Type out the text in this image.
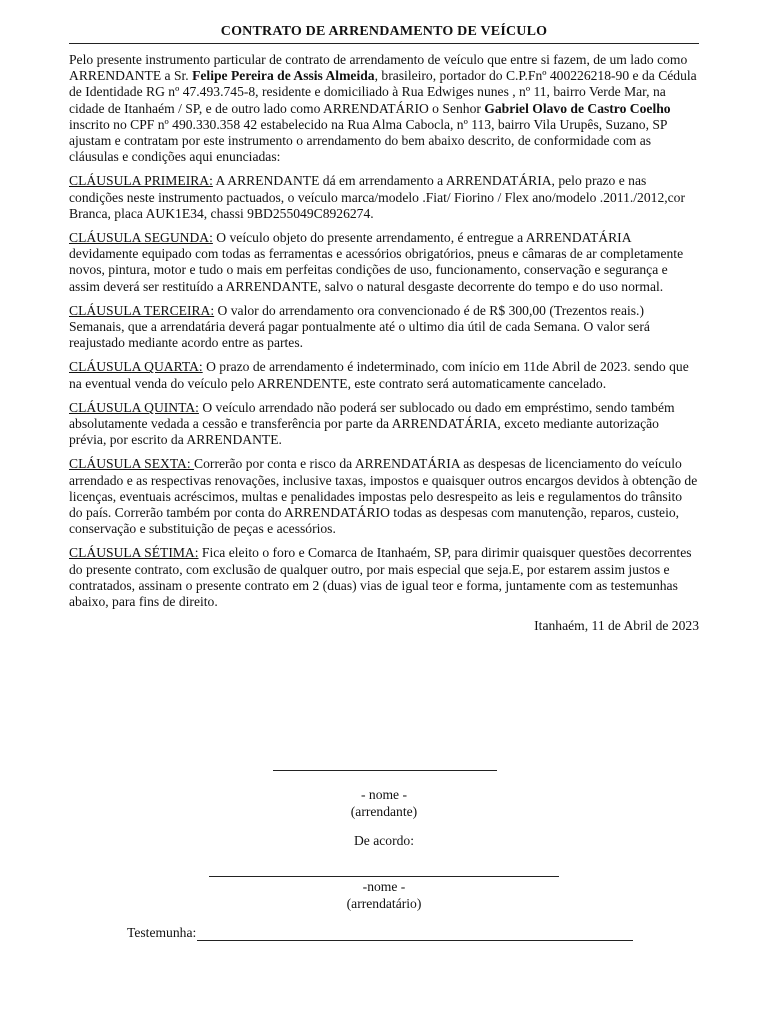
CONTRATO DE ARRENDAMENTO DE VEÍCULO

Pelo presente instrumento particular de contrato de arrendamento de veículo que entre si fazem, de um lado como ARRENDANTE a Sr. Felipe Pereira de Assis Almeida, brasileiro, portador do C.P.Fnº 400226218-90 e da Cédula de Identidade RG nº 47.493.745-8, residente e domiciliado à Rua Edwiges nunes , nº 11, bairro Verde Mar, na cidade de Itanhaém / SP, e de outro lado como ARRENDATÁRIO o Senhor Gabriel Olavo de Castro Coelho inscrito no CPF nº 490.330.358 42 estabelecido na Rua Alma Cabocla, nº 113, bairro Vila Urupês, Suzano, SP ajustam e contratam por este instrumento o arrendamento do bem abaixo descrito, de conformidade com as cláusulas e condições aqui enunciadas:

CLÁUSULA PRIMEIRA: A ARRENDANTE dá em arrendamento a ARRENDATÁRIA, pelo prazo e nas condições neste instrumento pactuados, o veículo marca/modelo .Fiat/ Fiorino / Flex ano/modelo .2011./2012,cor Branca, placa AUK1E34, chassi 9BD255049C8926274.

CLÁUSULA SEGUNDA: O veículo objeto do presente arrendamento, é entregue a ARRENDATÁRIA devidamente equipado com todas as ferramentas e acessórios obrigatórios, pneus e câmaras de ar completamente novos, pintura, motor e tudo o mais em perfeitas condições de uso, funcionamento, conservação e segurança e assim deverá ser restituído a ARRENDANTE, salvo o natural desgaste decorrente do tempo e do uso normal.

CLÁUSULA TERCEIRA: O valor do arrendamento ora convencionado é de R$ 300,00 (Trezentos reais.) Semanais, que a arrendatária deverá pagar pontualmente até o ultimo dia útil de cada Semana. O valor será reajustado mediante acordo entre as partes.

CLÁUSULA QUARTA: O prazo de arrendamento é indeterminado, com início em 11de Abril de 2023. sendo que na eventual venda do veículo pelo ARRENDENTE, este contrato será automaticamente cancelado.

CLÁUSULA QUINTA: O veículo arrendado não poderá ser sublocado ou dado em empréstimo, sendo também absolutamente vedada a cessão e transferência por parte da ARRENDATÁRIA, exceto mediante autorização prévia, por escrito da ARRENDANTE.

CLÁUSULA SEXTA: Correrão por conta e risco da ARRENDATÁRIA as despesas de licenciamento do veículo arrendado e as respectivas renovações, inclusive taxas, impostos e quaisquer outros encargos devidos à obtenção de licenças, eventuais acréscimos, multas e penalidades impostas pelo desrespeito as leis e regulamentos do trânsito do país. Correrão também por conta do ARRENDATÁRIO todas as despesas com manutenção, reparos, custeio, conservação e substituição de peças e acessórios.

CLÁUSULA SÉTIMA: Fica eleito o foro e Comarca de Itanhaém, SP, para dirimir quaisquer questões decorrentes do presente contrato, com exclusão de qualquer outro, por mais especial que seja.E, por estarem assim justos e contratados, assinam o presente contrato em 2 (duas) vias de igual teor e forma, juntamente com as testemunhas abaixo, para fins de direito.

Itanhaém, 11 de Abril de 2023
- nome -
(arrendante)
De acordo:
-nome -
(arrendatário)
Testemunha:
